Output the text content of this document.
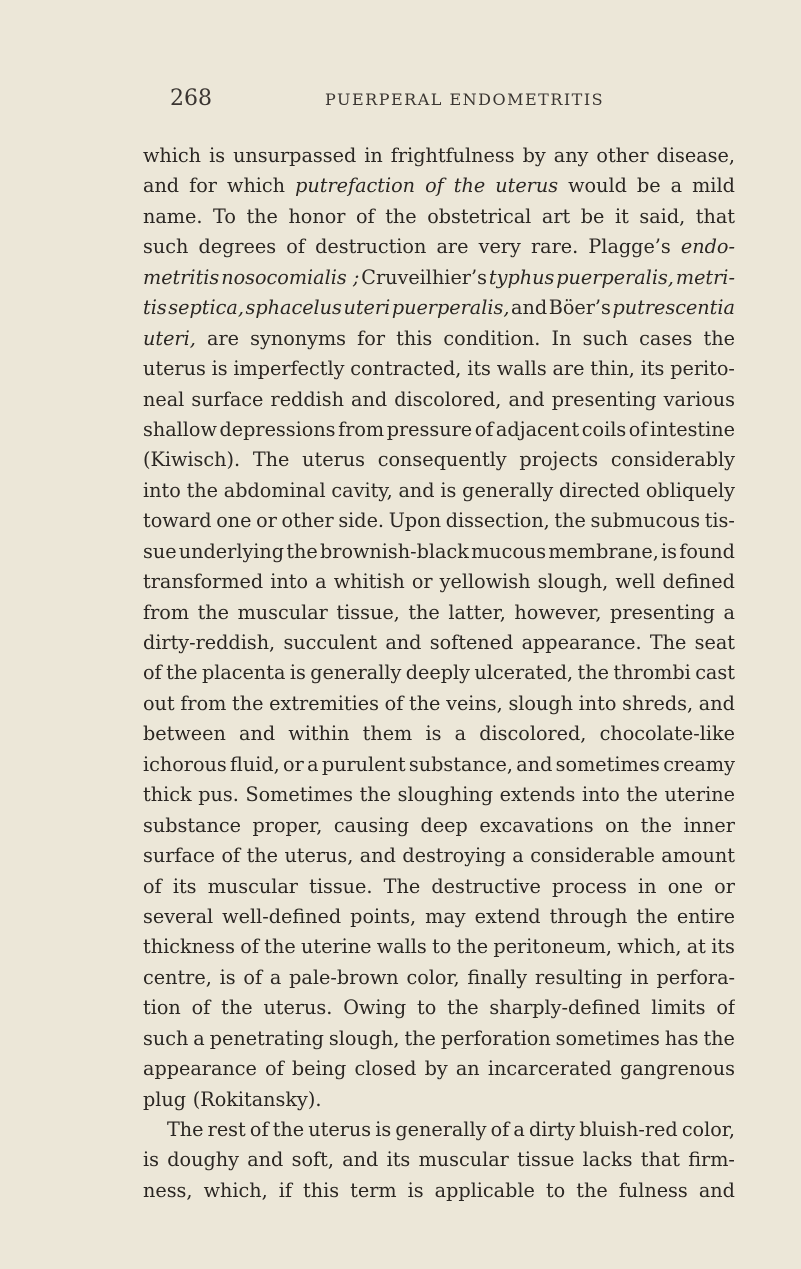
268	PUERPERAL ENDOMETRITIS
which is unsurpassed in frightfulness by any other disease,
and for which putrefaction of the uterus would be a mild
name. To the honor of the obstetrical art be it said, that
such degrees of destruction are very rare. Plagge’s endo-
metritis nosocomialis ; Cruveilhier’s typhus puerperalis, metri-
tis septica, sphacelus uteri puerperalis, and Böer’s putrescentia
uteri, are synonyms for this condition. In such cases the
uterus is imperfectly contracted, its walls are thin, its perito-
neal surface reddish and discolored, and presenting various
shallow depressions from pressure of adjacent coils of intestine
(Kiwisch). The uterus consequently projects considerably
into the abdominal cavity, and is generally directed obliquely
toward one or other side. Upon dissection, the submucous tis-
sue underlying the brownish-black mucous membrane, is found
transformed into a whitish or yellowish slough, well defined
from the muscular tissue, the latter, however, presenting a
dirty-reddish, succulent and softened appearance. The seat
of the placenta is generally deeply ulcerated, the thrombi cast
out from the extremities of the veins, slough into shreds, and
between and within them is a discolored, chocolate-like
ichorous fluid, or a purulent substance, and sometimes creamy
thick pus. Sometimes the sloughing extends into the uterine
substance proper, causing deep excavations on the inner
surface of the uterus, and destroying a considerable amount
of its muscular tissue. The destructive process in one or
several well-defined points, may extend through the entire
thickness of the uterine walls to the peritoneum, which, at its
centre, is of a pale-brown color, finally resulting in perfora-
tion of the uterus. Owing to the sharply-defined limits of
such a penetrating slough, the perforation sometimes has the
appearance of being closed by an incarcerated gangrenous
plug (Rokitansky).
The rest of the uterus is generally of a dirty bluish-red color,
is doughy and soft, and its muscular tissue lacks that firm-
ness, which, if this term is applicable to the fulness and
